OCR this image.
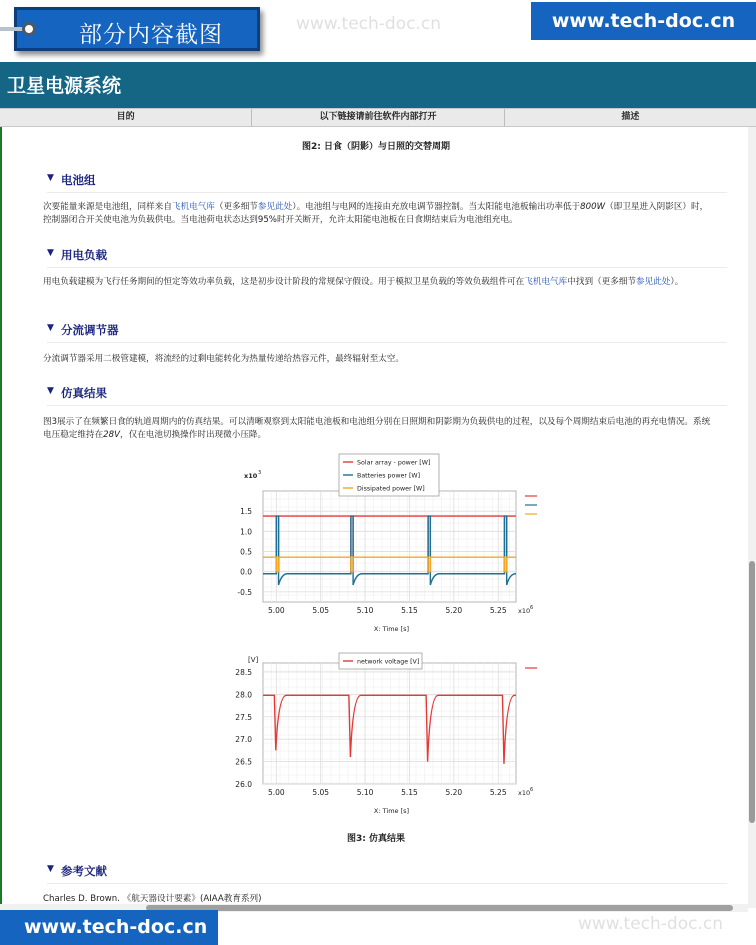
部分内容截图	www.tech-doc.cn	www.tech-doc.cn
卫星电源系统
目的	以下链接请前往软件内部打开	描述
图2: 日食（阴影）与日照的交替周期
▼ 电池组
次要能量来源是电池组，同样来自飞机电气库（更多细节参见此处）。电池组与电网的连接由充放电调节器控制。当太阳能电池板输出功率低于800W（即卫星进入阴影区）时，控制器闭合开关使电池为负载供电。当电池荷电状态达到95%时开关断开，允许太阳能电池板在日食期结束后为电池组充电。
▼ 用电负载
用电负载建模为飞行任务期间的恒定等效功率负载，这是初步设计阶段的常规保守假设。用于模拟卫星负载的等效负载组件可在飞机电气库中找到（更多细节参见此处）。
▼ 分流调节器
分流调节器采用二极管建模，将流经的过剩电能转化为热量传递给热容元件，最终辐射至太空。
▼ 仿真结果
图3展示了在频繁日食的轨道周期内的仿真结果。可以清晰观察到太阳能电池板和电池组分别在日照期和阴影期为负载供电的过程，以及每个周期结束后电池的再充电情况。系统电压稳定维持在28V，仅在电池切换操作时出现微小压降。
5.00	5.05	5.10	5.15	5.20	5.25
-0.5
0.0
0.5
1.0
1.5
x10 6
X: Time [s]
x10 3
Solar array - power [W]
Batteries power [W]
Dissipated power [W]
5.00	5.05	5.10	5.15	5.20	5.25
26.0
26.5
27.0
27.5
28.0
28.5
x10 6
X: Time [s]
[V]	network voltage [V]
图3: 仿真结果
▼ 参考文献
Charles D. Brown. 《航天器设计要素》(AIAA教育系列)
www.tech-doc.cn	www.tech-doc.cn
